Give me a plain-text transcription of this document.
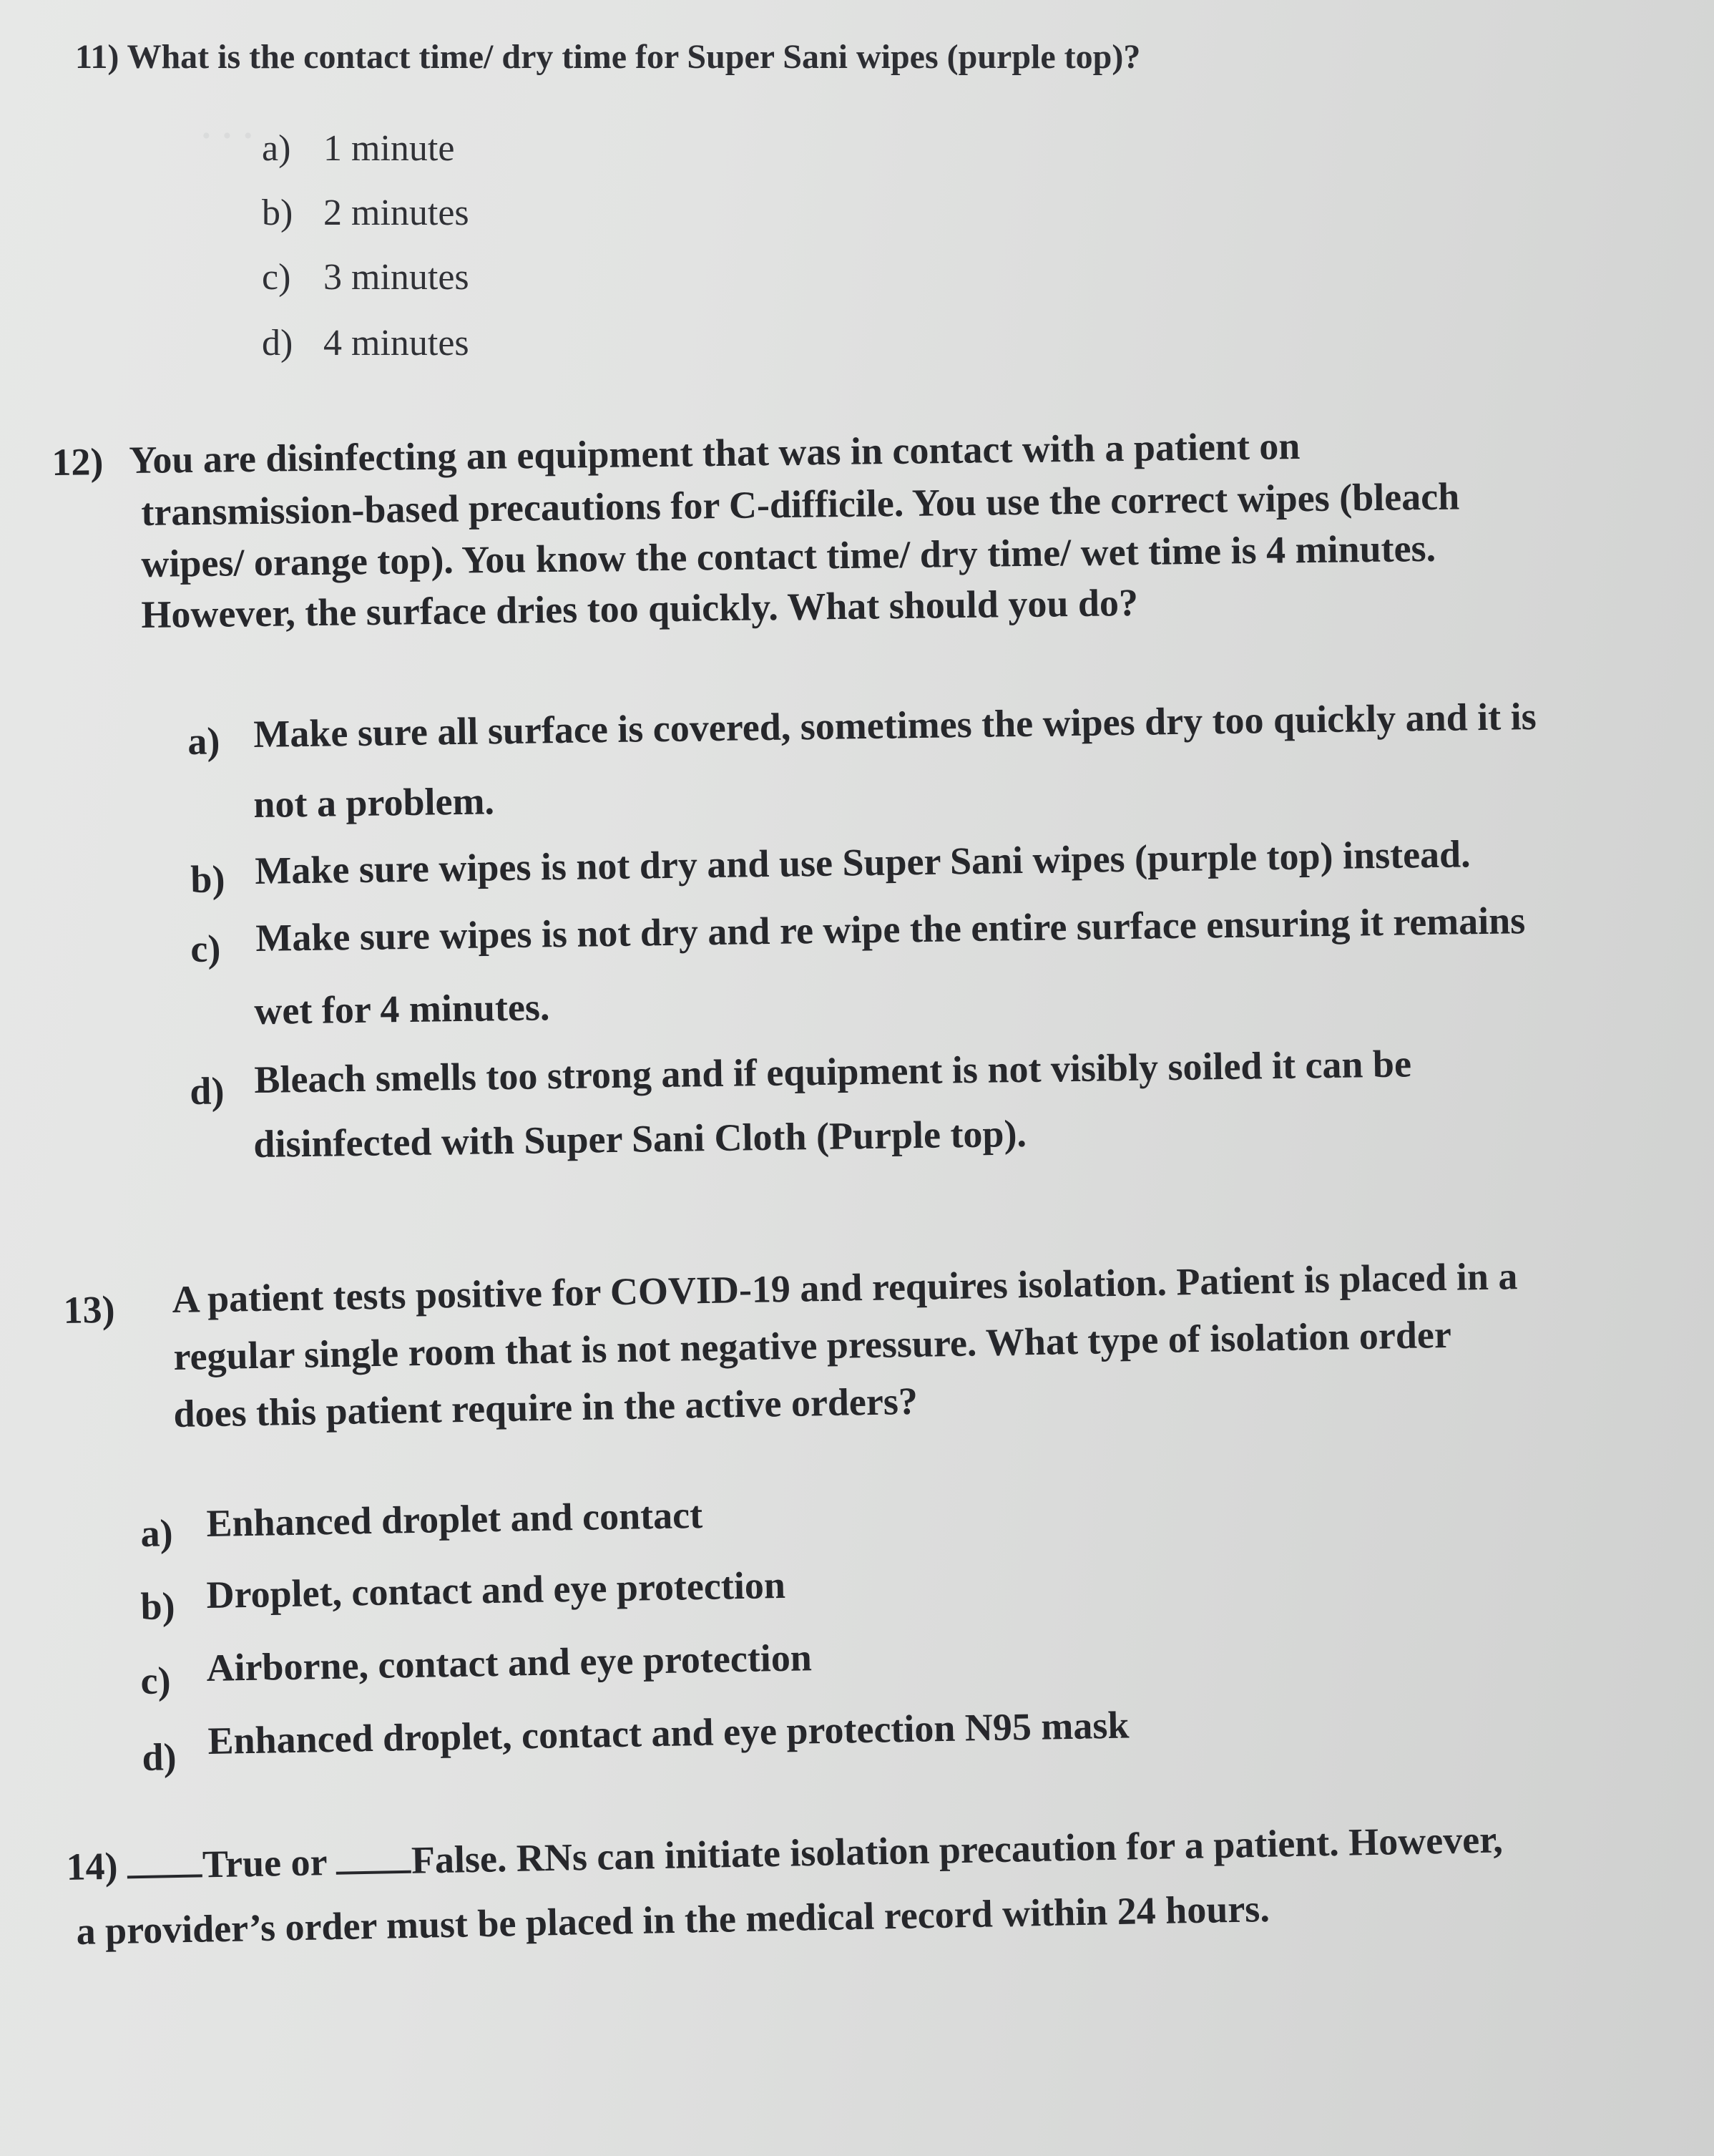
· · ·

11) What is the contact time/ dry time for Super Sani wipes (purple top)?

a) 1 minute

b) 2 minutes

c) 3 minutes

d) 4 minutes

12) You are disinfecting an equipment that was in contact with a patient on

transmission-based precautions for C-difficile. You use the correct wipes (bleach

wipes/ orange top). You know the contact time/ dry time/ wet time is 4 minutes.

However, the surface dries too quickly. What should you do?

a) Make sure all surface is covered, sometimes the wipes dry too quickly and it is

not a problem.

b) Make sure wipes is not dry and use Super Sani wipes (purple top) instead.

c) Make sure wipes is not dry and re wipe the entire surface ensuring it remains

wet for 4 minutes.

d) Bleach smells too strong and if equipment is not visibly soiled it can be

disinfected with Super Sani Cloth (Purple top).

13) A patient tests positive for COVID-19 and requires isolation. Patient is placed in a

regular single room that is not negative pressure. What type of isolation order

does this patient require in the active orders?

a) Enhanced droplet and contact

b) Droplet, contact and eye protection

c) Airborne, contact and eye protection

d) Enhanced droplet, contact and eye protection N95 mask

14) True or False. RNs can initiate isolation precaution for a patient. However,

a provider’s order must be placed in the medical record within 24 hours.
